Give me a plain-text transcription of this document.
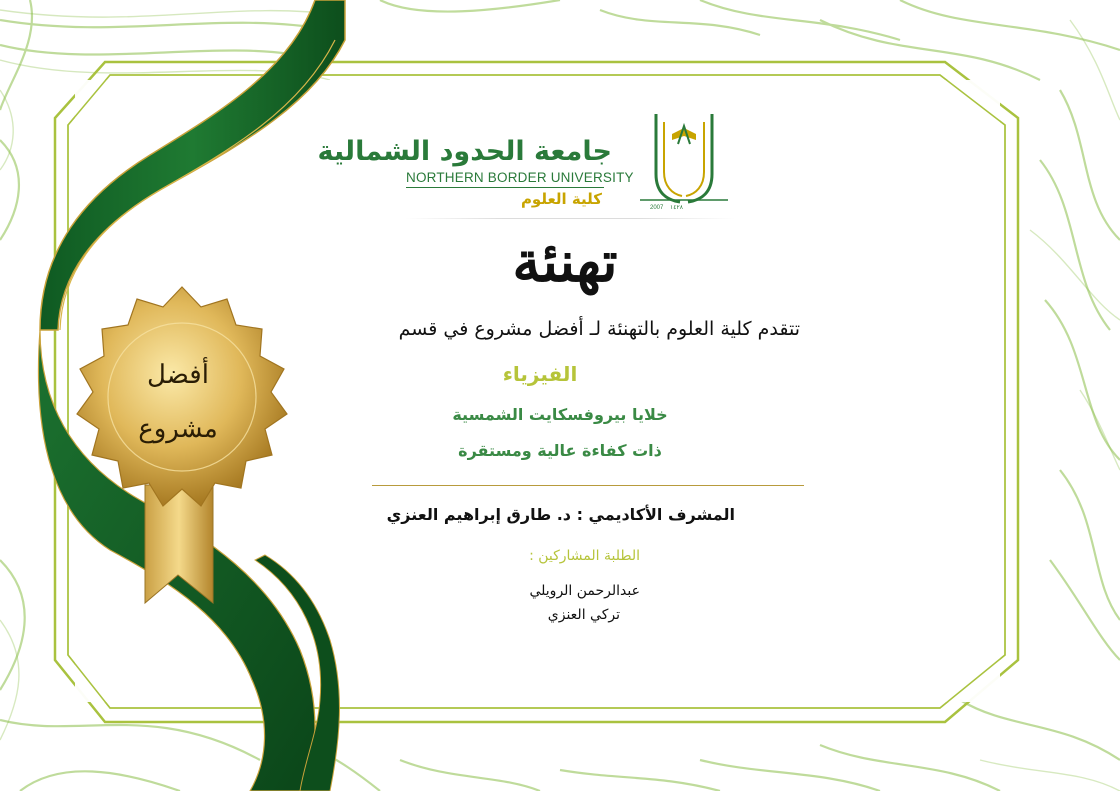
أفضل
مشروع
جامعة الحدود الشمالية
NORTHERN BORDER UNIVERSITY
كلية العلوم	2007 _ ١٤٢٨
تهنئة
تتقدم كلية العلوم بالتهنئة لـ أفضل مشروع في قسم
الفيزياء
خلايا بيروفسكايت الشمسية
ذات كفاءة عالية ومستقرة
المشرف الأكاديمي : د. طارق إبراهيم العنزي
الطلبة المشاركين :
عبدالرحمن الرويلي
تركي العنزي
